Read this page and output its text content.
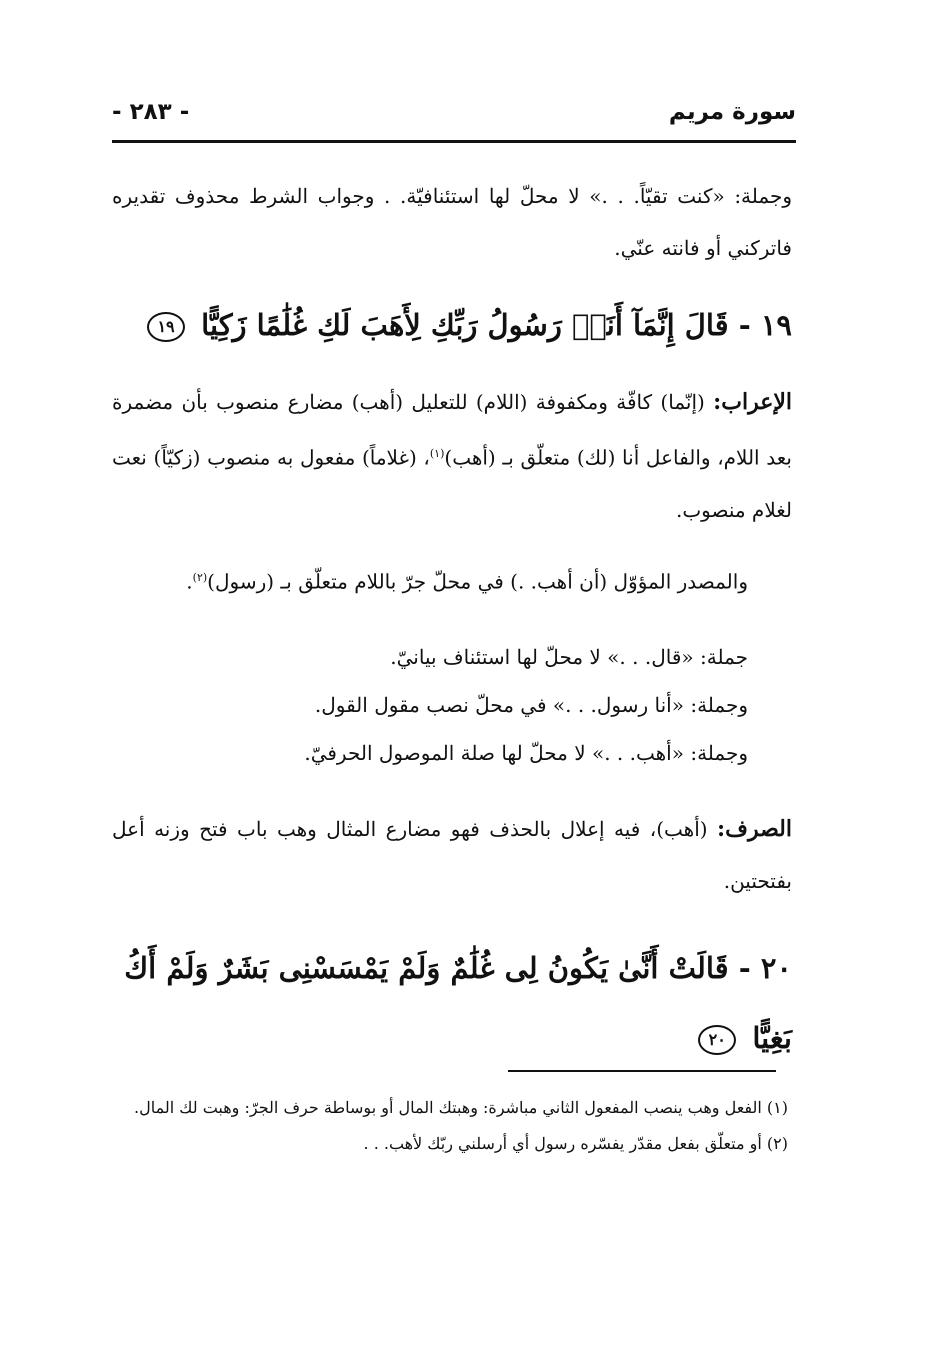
سورة مريم
- ٢٨٣ -

وجملة: «كنت تقيّاً. . .» لا محلّ لها استئنافيّة. . وجواب الشرط محذوف تقديره فاتركني أو فانته عنّي.

١٩ - قَالَ إِنَّمَآ أَنَا۠ رَسُولُ رَبِّكِ لِأَهَبَ لَكِ غُلَٰمًا زَكِيًّا ١٩

الإعراب: (إنّما) كافّة ومكفوفة (اللام) للتعليل (أهب) مضارع منصوب بأن مضمرة بعد اللام، والفاعل أنا (لك) متعلّق بـ (أهب)$^{(١)}$، (غلاماً) مفعول به منصوب (زكيّاً) نعت لغلام منصوب.

والمصدر المؤوّل (أن أهب. .) في محلّ جرّ باللام متعلّق بـ (رسول)$^{(٢)}$.

جملة: «قال. . .» لا محلّ لها استئناف بيانيّ.

وجملة: «أنا رسول. . .» في محلّ نصب مقول القول.

وجملة: «أهب. . .» لا محلّ لها صلة الموصول الحرفيّ.

الصرف: (أهب)، فيه إعلال بالحذف فهو مضارع المثال وهب باب فتح وزنه أعل بفتحتين.

٢٠ - قَالَتْ أَنَّىٰ يَكُونُ لِى غُلَٰمٌ وَلَمْ يَمْسَسْنِى بَشَرٌ وَلَمْ أَكُ بَغِيًّا ٢٠

(١) الفعل وهب ينصب المفعول الثاني مباشرة: وهبتك المال أو بوساطة حرف الجرّ: وهبت لك المال.

(٢) أو متعلّق بفعل مقدّر يفسّره رسول أي أرسلني ربّك لأهب. . .
